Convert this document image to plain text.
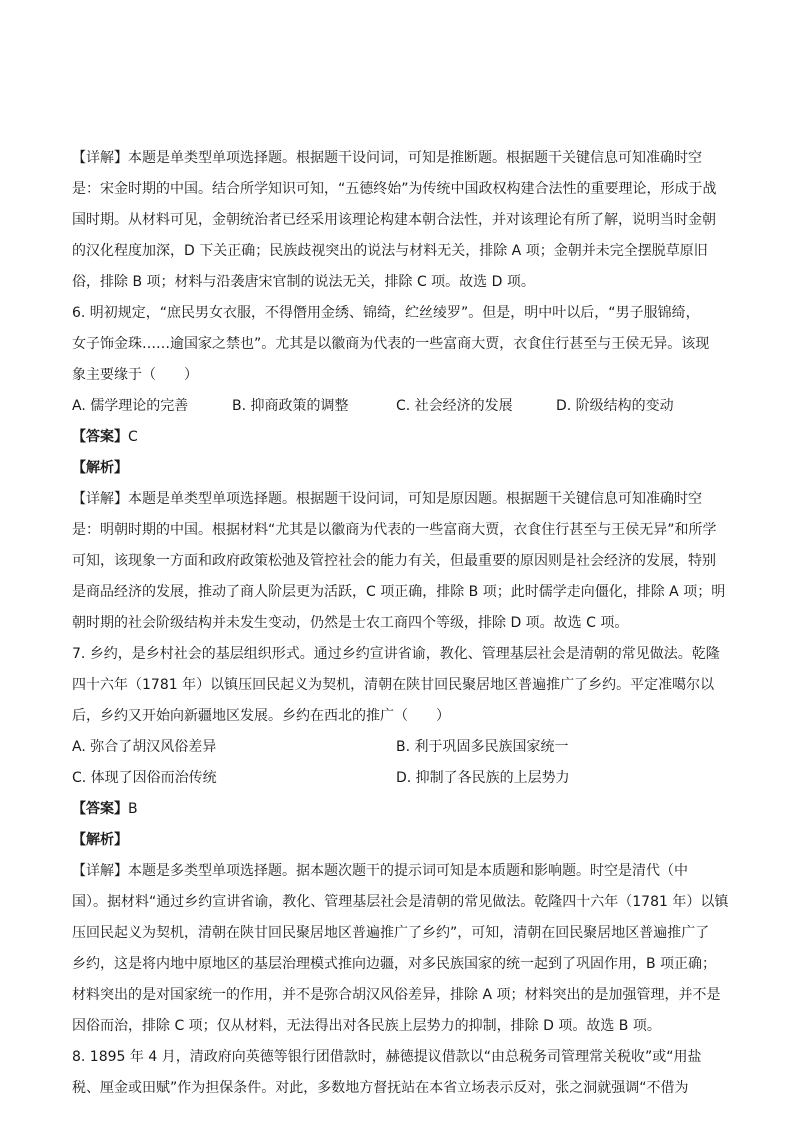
【详解】本题是单类型单项选择题。根据题干设问词，可知是推断题。根据题干关键信息可知准确时空
是：宋金时期的中国。结合所学知识可知，“五德终始”为传统中国政权构建合法性的重要理论，形成于战
国时期。从材料可见，金朝统治者已经采用该理论构建本朝合法性，并对该理论有所了解，说明当时金朝
的汉化程度加深，D 下关正确；民族歧视突出的说法与材料无关，排除 A 项；金朝并未完全摆脱草原旧
俗，排除 B 项；材料与沿袭唐宋官制的说法无关，排除 C 项。故选 D 项。
6. 明初规定，“庶民男女衣服，不得僭用金绣、锦绮，纻丝绫罗”。但是，明中叶以后，“男子服锦绮，
女子饰金珠……逾国家之禁也”。尤其是以徽商为代表的一些富商大贾，衣食住行甚至与王侯无异。该现
象主要缘于（　　）
A. 儒学理论的完善	B. 抑商政策的调整	C. 社会经济的发展	D. 阶级结构的变动
【答案】C
【解析】
【详解】本题是单类型单项选择题。根据题干设问词，可知是原因题。根据题干关键信息可知准确时空
是：明朝时期的中国。根据材料“尤其是以徽商为代表的一些富商大贾，衣食住行甚至与王侯无异”和所学
可知，该现象一方面和政府政策松弛及管控社会的能力有关，但最重要的原因则是社会经济的发展，特别
是商品经济的发展，推动了商人阶层更为活跃，C 项正确，排除 B 项；此时儒学走向僵化，排除 A 项；明
朝时期的社会阶级结构并未发生变动，仍然是士农工商四个等级，排除 D 项。故选 C 项。
7. 乡约，是乡村社会的基层组织形式。通过乡约宣讲省谕，教化、管理基层社会是清朝的常见做法。乾隆
四十六年（1781 年）以镇压回民起义为契机，清朝在陕甘回民聚居地区普遍推广了乡约。平定准噶尔以
后，乡约又开始向新疆地区发展。乡约在西北的推广（　　）
A. 弥合了胡汉风俗差异	B. 利于巩固多民族国家统一
C. 体现了因俗而治传统	D. 抑制了各民族的上层势力
【答案】B
【解析】
【详解】本题是多类型单项选择题。据本题次题干的提示词可知是本质题和影响题。时空是清代（中
国）。据材料“通过乡约宣讲省谕，教化、管理基层社会是清朝的常见做法。乾隆四十六年（1781 年）以镇
压回民起义为契机，清朝在陕甘回民聚居地区普遍推广了乡约”，可知，清朝在回民聚居地区普遍推广了
乡约，这是将内地中原地区的基层治理模式推向边疆，对多民族国家的统一起到了巩固作用，B 项正确；
材料突出的是对国家统一的作用，并不是弥合胡汉风俗差异，排除 A 项；材料突出的是加强管理，并不是
因俗而治，排除 C 项；仅从材料，无法得出对各民族上层势力的抑制，排除 D 项。故选 B 项。
8. 1895 年 4 月，清政府向英德等银行团借款时，赫德提议借款以“由总税务司管理常关税收”或“用盐
税、厘金或田赋”作为担保条件。对此，多数地方督抚站在本省立场表示反对，张之洞就强调“不借为
